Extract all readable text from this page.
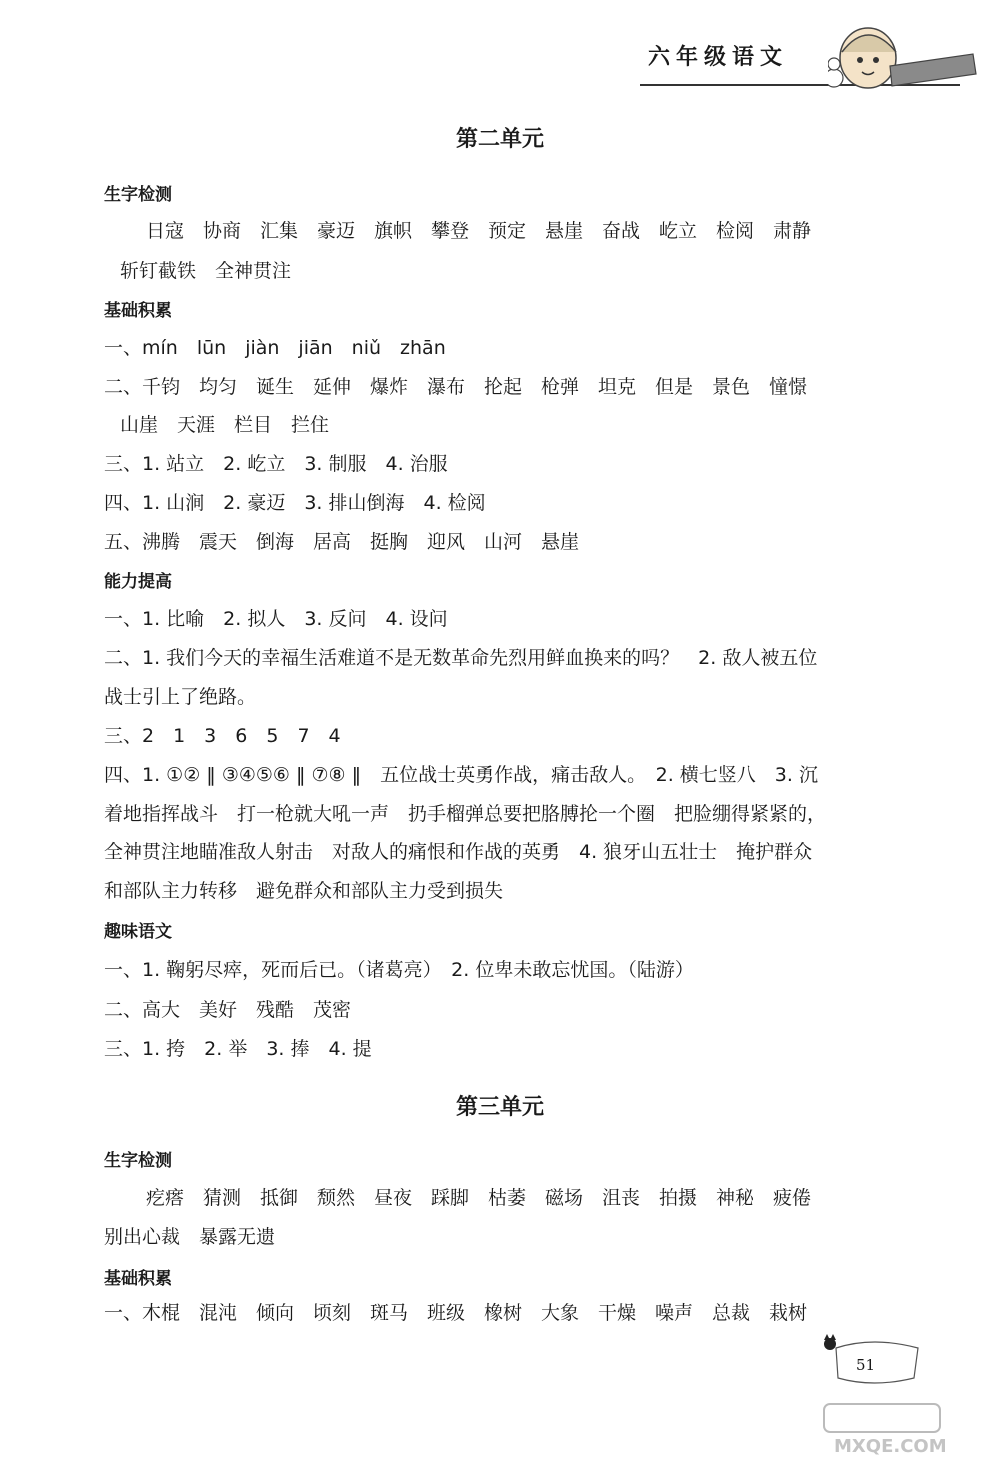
六年级语文
第二单元
生字检测
日寇　协商　汇集　豪迈　旗帜　攀登　预定　悬崖　奋战　屹立　检阅　肃静
斩钉截铁　全神贯注
基础积累
一、mín　lūn　jiàn　jiān　niǔ　zhān
二、千钧　均匀　诞生　延伸　爆炸　瀑布　抡起　枪弹　坦克　但是　景色　憧憬
山崖　天涯　栏目　拦住
三、1. 站立　2. 屹立　3. 制服　4. 治服
四、1. 山涧　2. 豪迈　3. 排山倒海　4. 检阅
五、沸腾　震天　倒海　居高　挺胸　迎风　山河　悬崖
能力提高
一、1. 比喻　2. 拟人　3. 反问　4. 设问
二、1. 我们今天的幸福生活难道不是无数革命先烈用鲜血换来的吗？　2. 敌人被五位
战士引上了绝路。
三、2　1　3　6　5　7　4
四、1. ①② ‖ ③④⑤⑥ ‖ ⑦⑧ ‖　五位战士英勇作战，痛击敌人。　2. 横七竖八　3. 沉
着地指挥战斗　打一枪就大吼一声　扔手榴弹总要把胳膊抡一个圈　把脸绷得紧紧的，
全神贯注地瞄准敌人射击　对敌人的痛恨和作战的英勇　4. 狼牙山五壮士　掩护群众
和部队主力转移　避免群众和部队主力受到损失
趣味语文
一、1. 鞠躬尽瘁，死而后已。（诸葛亮）　2. 位卑未敢忘忧国。（陆游）
二、高大　美好　残酷　茂密
三、1. 挎　2. 举　3. 捧　4. 提
第三单元
生字检测
疙瘩　猜测　抵御　颓然　昼夜　踩脚　枯萎　磁场　沮丧　拍摄　神秘　疲倦
别出心裁　暴露无遗
基础积累
一、木棍　混沌　倾向　顷刻　斑马　班级　橡树　大象　干燥　噪声　总裁　栽树
51
MXQE.COM
